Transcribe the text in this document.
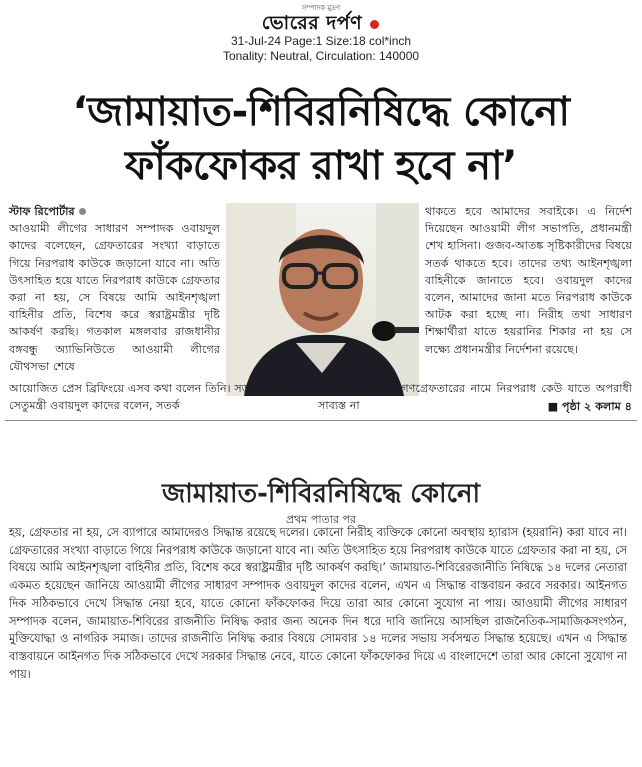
সম্পাদক মুদ্রণ
ভোরের দর্পণ
31-Jul-24 Page:1 Size:18 col*inch
Tonality: Neutral, Circulation: 140000
‘জামায়াত-শিবিরনিষিদ্ধে কোনো
ফাঁকফোকর রাখা হবে না’
স্টাফ রিপোর্টার
আওয়ামী লীগের সাধারণ সম্পাদক ওবায়দুল কাদের বলেছেন, গ্রেফতারের সংখ্যা বাড়াতে গিয়ে নিরপরাধ কাউকে জড়ানো যাবে না। অতি উৎসাহিত হয়ে যাতে নিরপরাধ কাউকে গ্রেফতার করা না হয়, সে বিষয়ে আমি আইনশৃঙ্খলা বাহিনীর প্রতি, বিশেষ করে স্বরাষ্ট্রমন্ত্রীর দৃষ্টি আকর্ষণ করছি। গতকাল মঙ্গলবার রাজধানীর বঙ্গবন্ধু অ্যাভিনিউতে আওয়ামী লীগের যৌথসভা শেষে
থাকতে হবে আমাদের সবাইকে। এ নির্দেশ দিয়েছেন আওয়ামী লীগ সভাপতি, প্রধানমন্ত্রী শেখ হাসিনা। গুজব-আতঙ্ক সৃষ্টিকারীদের বিষয়ে সতর্ক থাকতে হবে। তাদের তথ্য আইনশৃঙ্খলা বাহিনীকে জানাতে হবে। ওবায়দুল কাদের বলেন, আমাদের জানা মতে নিরপরাধ কাউকে আটক করা হচ্ছে না। নিরীহ তথা সাধারণ শিক্ষার্থীরা যাতে হয়রানির শিকার না হয় সে লক্ষ্যে প্রধানমন্ত্রীর নির্দেশনা রয়েছে।
আয়োজিত প্রেস ব্রিফিংয়ে এসব কথা বলেন তিনি। সড়ক পরিবহন ও সেতুমন্ত্রী ওবায়দুল কাদের বলেন, সতর্ক
‘আমরাও বলবো, গণগ্রেফতারের নামে নিরপরাধ কেউ যাতে অপরাধী সাব্যস্ত না	■ পৃষ্ঠা ২ কলাম ৪
জামায়াত-শিবিরনিষিদ্ধে কোনো
প্রথম পাতার পর
হয়, গ্রেফতার না হয়, সে ব্যাপারে আমাদেরও সিদ্ধান্ত রয়েছে দলের। কোনো নিরীহ ব্যক্তিকে কোনো অবস্থায় হ্যারাস (হয়রানি) করা যাবে না। গ্রেফতারের সংখ্যা বাড়াতে গিয়ে নিরপরাধ কাউকে জড়ানো যাবে না। অতি উৎসাহিত হয়ে নিরপরাধ কাউকে যাতে গ্রেফতার করা না হয়, সে বিষয়ে আমি আইনশৃঙ্খলা বাহিনীর প্রতি, বিশেষ করে স্বরাষ্ট্রমন্ত্রীর দৃষ্টি আকর্ষণ করছি।’ জামায়াত-শিবিরেরজানীতি নিষিদ্ধে ১৪ দলের নেতারা একমত হয়েছেন জানিয়ে আওয়ামী লীগের সাধারণ সম্পাদক ওবায়দুল কাদের বলেন, এখন এ সিদ্ধান্ত বাস্তবায়ন করবে সরকার। আইনগত দিক সঠিকভাবে দেখে সিদ্ধান্ত নেয়া হবে, যাতে কোনো ফাঁকফোকর দিয়ে তারা আর কোনো সুযোগ না পায়। আওয়ামী লীগের সাধারণ সম্পাদক বলেন, জামায়াত-শিবিরের রাজনীতি নিষিদ্ধ করার জন্য অনেক দিন ধরে দাবি জানিয়ে আসছিল রাজনৈতিক-সামাজিকসংগঠন, মুক্তিযোদ্ধা ও নাগরিক সমাজ। তাদের রাজনীতি নিষিদ্ধ করার বিষয়ে সোমবার ১৪ দলের সভায় সর্বসম্মত সিদ্ধান্ত হয়েছে। এখন এ সিদ্ধান্ত বাস্তবায়নে আইনগত দিক সঠিকভাবে দেখে সরকার সিদ্ধান্ত নেবে, যাতে কোনো ফাঁকফোকর দিয়ে এ বাংলাদেশে তারা আর কোনো সুযোগ না পায়।
